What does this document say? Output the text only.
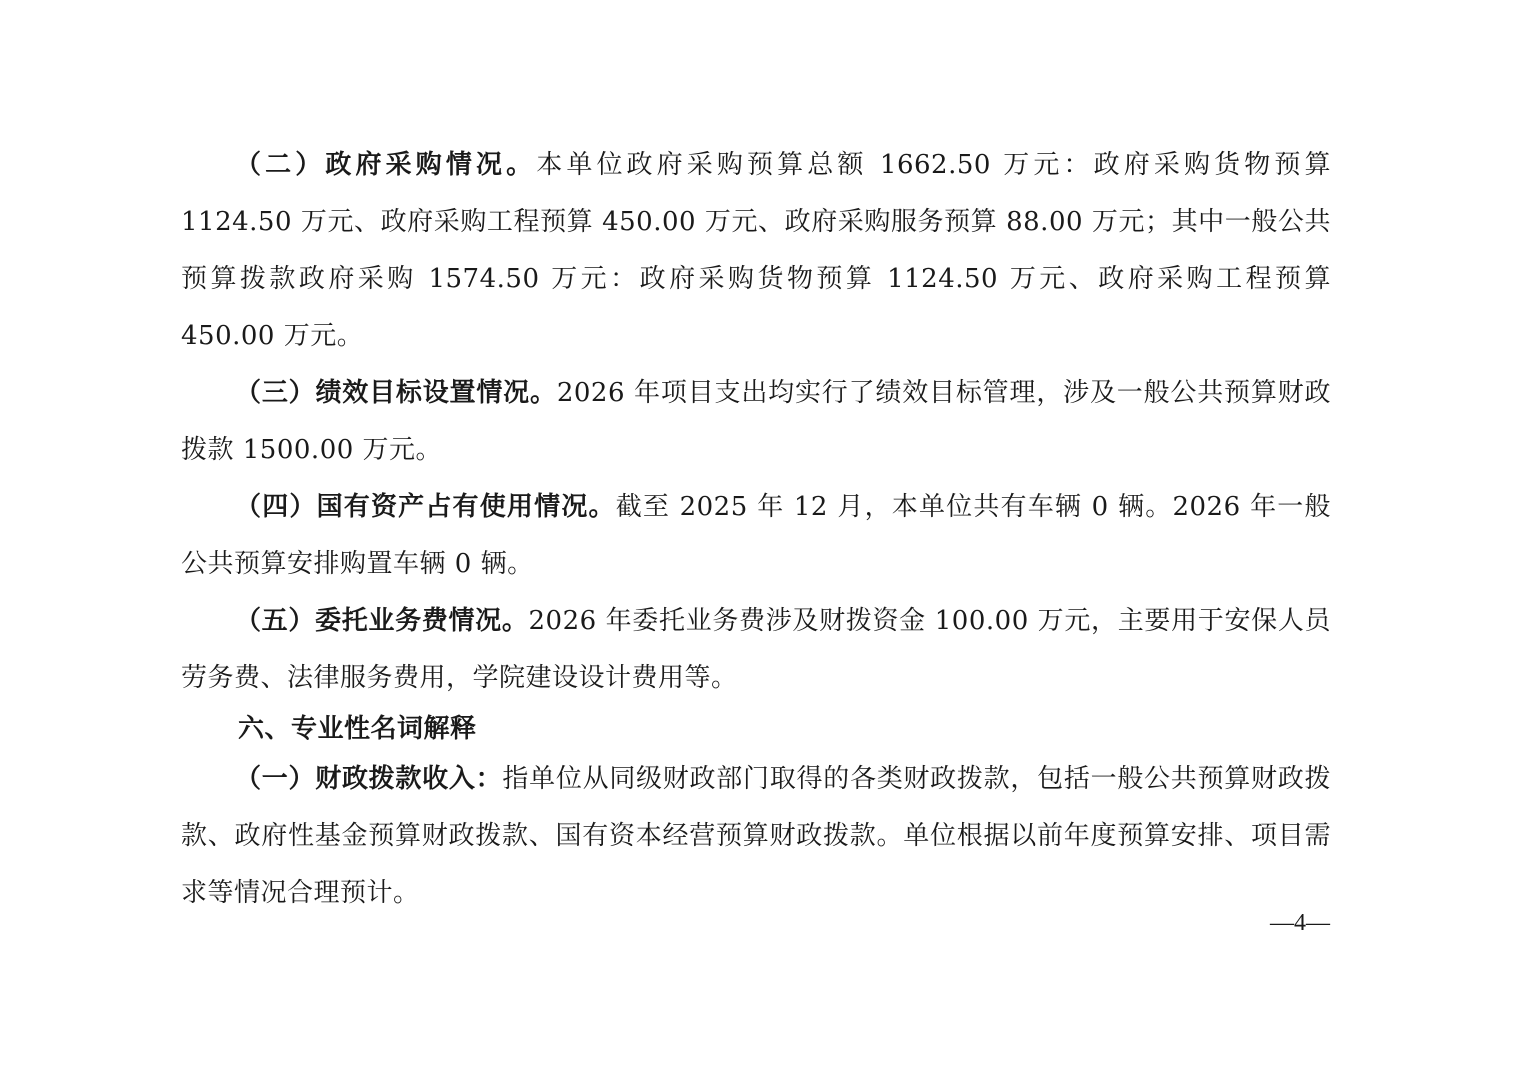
（二）政府采购情况。本单位政府采购预算总额 1662.50 万元：政府采购货物预算 1124.50 万元、政府采购工程预算 450.00 万元、政府采购服务预算 88.00 万元；其中一般公共预算拨款政府采购 1574.50 万元：政府采购货物预算 1124.50 万元、政府采购工程预算 450.00 万元。

（三）绩效目标设置情况。2026 年项目支出均实行了绩效目标管理，涉及一般公共预算财政拨款 1500.00 万元。

（四）国有资产占有使用情况。截至 2025 年 12 月，本单位共有车辆 0 辆。2026 年一般公共预算安排购置车辆 0 辆。

（五）委托业务费情况。2026 年委托业务费涉及财拨资金 100.00 万元，主要用于安保人员劳务费、法律服务费用，学院建设设计费用等。

六、专业性名词解释

（一）财政拨款收入：指单位从同级财政部门取得的各类财政拨款，包括一般公共预算财政拨款、政府性基金预算财政拨款、国有资本经营预算财政拨款。单位根据以前年度预算安排、项目需求等情况合理预计。

—4—
